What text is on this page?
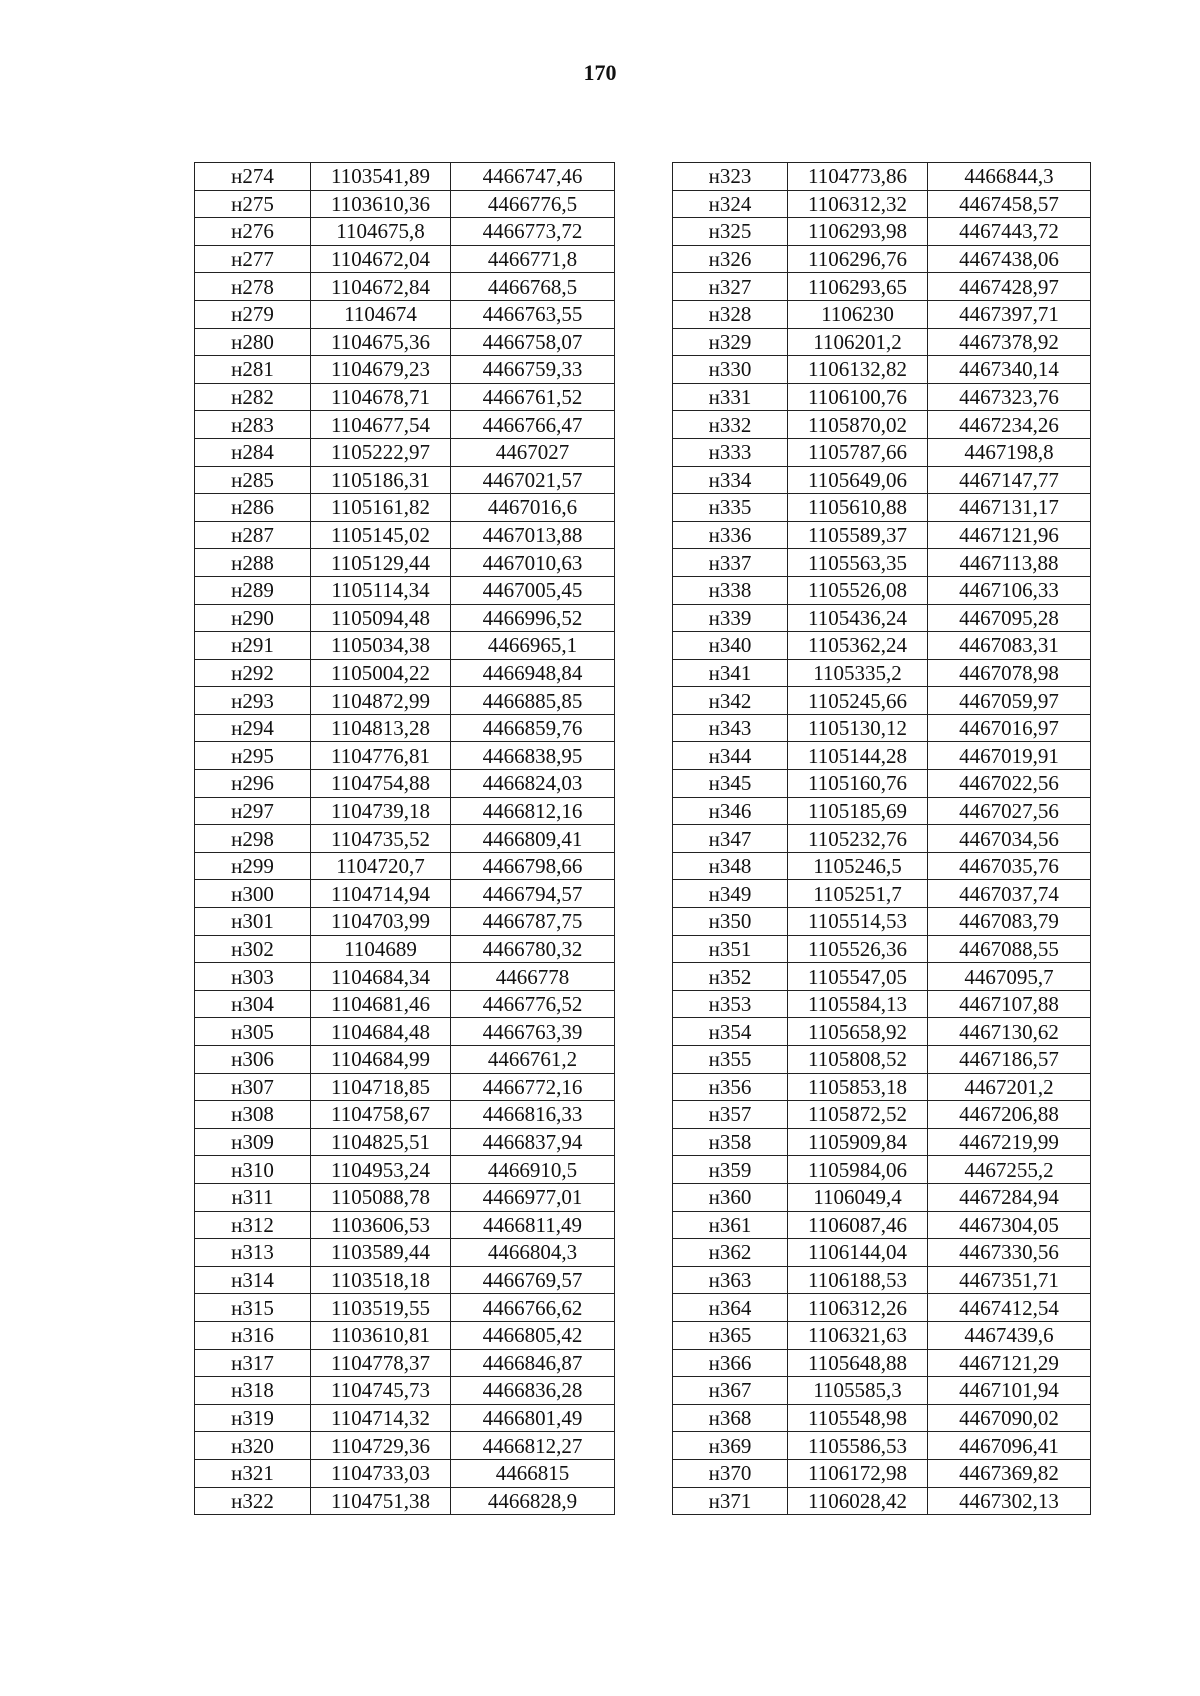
170
н274	1103541,89	4466747,46
н275	1103610,36	4466776,5
н276	1104675,8	4466773,72
н277	1104672,04	4466771,8
н278	1104672,84	4466768,5
н279	1104674	4466763,55
н280	1104675,36	4466758,07
н281	1104679,23	4466759,33
н282	1104678,71	4466761,52
н283	1104677,54	4466766,47
н284	1105222,97	4467027
н285	1105186,31	4467021,57
н286	1105161,82	4467016,6
н287	1105145,02	4467013,88
н288	1105129,44	4467010,63
н289	1105114,34	4467005,45
н290	1105094,48	4466996,52
н291	1105034,38	4466965,1
н292	1105004,22	4466948,84
н293	1104872,99	4466885,85
н294	1104813,28	4466859,76
н295	1104776,81	4466838,95
н296	1104754,88	4466824,03
н297	1104739,18	4466812,16
н298	1104735,52	4466809,41
н299	1104720,7	4466798,66
н300	1104714,94	4466794,57
н301	1104703,99	4466787,75
н302	1104689	4466780,32
н303	1104684,34	4466778
н304	1104681,46	4466776,52
н305	1104684,48	4466763,39
н306	1104684,99	4466761,2
н307	1104718,85	4466772,16
н308	1104758,67	4466816,33
н309	1104825,51	4466837,94
н310	1104953,24	4466910,5
н311	1105088,78	4466977,01
н312	1103606,53	4466811,49
н313	1103589,44	4466804,3
н314	1103518,18	4466769,57
н315	1103519,55	4466766,62
н316	1103610,81	4466805,42
н317	1104778,37	4466846,87
н318	1104745,73	4466836,28
н319	1104714,32	4466801,49
н320	1104729,36	4466812,27
н321	1104733,03	4466815
н322	1104751,38	4466828,9
н323	1104773,86	4466844,3
н324	1106312,32	4467458,57
н325	1106293,98	4467443,72
н326	1106296,76	4467438,06
н327	1106293,65	4467428,97
н328	1106230	4467397,71
н329	1106201,2	4467378,92
н330	1106132,82	4467340,14
н331	1106100,76	4467323,76
н332	1105870,02	4467234,26
н333	1105787,66	4467198,8
н334	1105649,06	4467147,77
н335	1105610,88	4467131,17
н336	1105589,37	4467121,96
н337	1105563,35	4467113,88
н338	1105526,08	4467106,33
н339	1105436,24	4467095,28
н340	1105362,24	4467083,31
н341	1105335,2	4467078,98
н342	1105245,66	4467059,97
н343	1105130,12	4467016,97
н344	1105144,28	4467019,91
н345	1105160,76	4467022,56
н346	1105185,69	4467027,56
н347	1105232,76	4467034,56
н348	1105246,5	4467035,76
н349	1105251,7	4467037,74
н350	1105514,53	4467083,79
н351	1105526,36	4467088,55
н352	1105547,05	4467095,7
н353	1105584,13	4467107,88
н354	1105658,92	4467130,62
н355	1105808,52	4467186,57
н356	1105853,18	4467201,2
н357	1105872,52	4467206,88
н358	1105909,84	4467219,99
н359	1105984,06	4467255,2
н360	1106049,4	4467284,94
н361	1106087,46	4467304,05
н362	1106144,04	4467330,56
н363	1106188,53	4467351,71
н364	1106312,26	4467412,54
н365	1106321,63	4467439,6
н366	1105648,88	4467121,29
н367	1105585,3	4467101,94
н368	1105548,98	4467090,02
н369	1105586,53	4467096,41
н370	1106172,98	4467369,82
н371	1106028,42	4467302,13
